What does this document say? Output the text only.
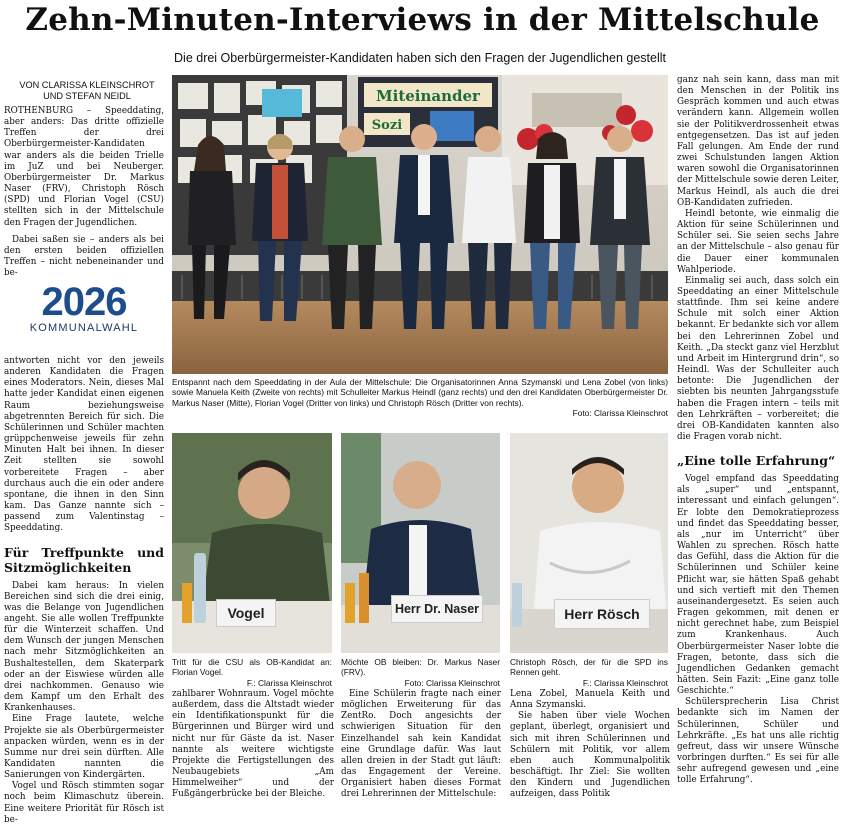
Zehn-Minuten-Interviews in der Mittelschule
Die drei Oberbürgermeister-Kandidaten haben sich den Fragen der Jugendlichen gestellt
VON CLARISSA KLEINSCHROT
UND STEFAN NEIDL

ROTHENBURG – Speeddating, aber anders: Das dritte offizielle Treffen der drei Oberbürgermeister-Kandidaten war anders als die beiden Trielle im JuZ und bei Neuberger. Oberbürgermeister Dr. Markus Naser (FRV), Christoph Rösch (SPD) und Florian Vogel (CSU) stellten sich in der Mittelschule den Fragen der Jugendlichen.

Dabei saßen sie – anders als bei den ersten beiden offiziellen Treffen – nicht nebeneinander und be-

2026
KOMMUNALWAHL

antworten nicht vor den jeweils anderen Kandidaten die Fragen eines Moderators. Nein, dieses Mal hatte jeder Kandidat einen eigenen Raum beziehungsweise abgetrennten Bereich für sich. Die Schülerinnen und Schüler machten grüppchenweise jeweils für zehn Minuten Halt bei ihnen. In dieser Zeit stellten sie sowohl vorbereitete Fragen – aber durchaus auch die ein oder andere spontane, die ihnen in den Sinn kam. Das Ganze nannte sich – passend zum Valentinstag – Speeddating.

Für Treffpunkte und Sitzmöglichkeiten

Dabei kam heraus: In vielen Bereichen sind sich die drei einig, was die Belange von Jugendlichen angeht. Sie alle wollen Treffpunkte für die Winterzeit schaffen. Und dem Wunsch der jungen Menschen nach mehr Sitzmöglichkeiten an Bushaltestellen, dem Skaterpark oder an der Eiswiese würden alle drei nachkommen. Genauso wie dem Kampf um den Erhalt des Krankenhauses.

Eine Frage lautete, welche Projekte sie als Oberbürgermeister anpacken würden, wenn es in der Summe nur drei sein dürften. Alle Kandidaten nannten die Sanierungen von Kindergärten.

Vogel und Rösch stimmten sogar noch beim Klimaschutz überein. Eine weitere Priorität für Rösch ist be-

Miteinander
Sozi
Entspannt nach dem Speeddating in der Aula der Mittelschule: Die Organisatorinnen Anna Szymanski und Lena Zobel (von links) sowie Manuela Keith (Zweite von rechts) mit Schulleiter Markus Heindl (ganz rechts) und den drei Kandidaten Oberbürgermeister Dr. Markus Naser (Mitte), Florian Vogel (Dritter von links) und Christoph Rösch (Dritter von rechts).
Foto: Clarissa Kleinschrot
Vogel
Tritt für die CSU als OB-Kandidat an: Florian Vogel.
F.: Clarissa Kleinschrot
Herr Dr. Naser
Möchte OB bleiben: Dr. Markus Naser (FRV).
Foto: Clarissa Kleinschrot
Herr Rösch
Christoph Rösch, der für die SPD ins Rennen geht.
F.: Clarissa Kleinschrot

zahlbarer Wohnraum. Vogel möchte außerdem, dass die Altstadt wieder ein Identifikationspunkt für die Bürgerinnen und Bürger wird und nicht nur für Gäste da ist. Naser nannte als weitere wichtigste Projekte die Fertigstellungen des Neubaugebiets „Am Himmelweiher“ und der Fußgängerbrücke bei der Bleiche.

Eine Schülerin fragte nach einer möglichen Erweiterung für das ZentRo. Doch angesichts der schwierigen Situation für den Einzelhandel sah kein Kandidat eine Grundlage dafür. Was laut allen dreien in der Stadt gut läuft: das Engagement der Vereine. Organisiert haben dieses Format drei Lehrerinnen der Mittelschule:

Lena Zobel, Manuela Keith und Anna Szymanski.

Sie haben über viele Wochen geplant, überlegt, organisiert und sich mit ihren Schülerinnen und Schülern mit Politik, vor allem eben auch Kommunalpolitik beschäftigt. Ihr Ziel: Sie wollten den Kindern und Jugendlichen aufzeigen, dass Politik

ganz nah sein kann, dass man mit den Menschen in der Politik ins Gespräch kommen und auch etwas verändern kann. Allgemein wollen sie der Politikverdrossenheit etwas entgegensetzen. Das ist auf jeden Fall gelungen. Am Ende der rund zwei Schulstunden langen Aktion waren sowohl die Organisatorinnen der Mittelschule sowie deren Leiter, Markus Heindl, als auch die drei OB-Kandidaten zufrieden.

Heindl betonte, wie einmalig die Aktion für seine Schülerinnen und Schüler sei. Sie seien sechs Jahre an der Mittelschule – also genau für die Dauer einer kommunalen Wahlperiode.

Einmalig sei auch, dass solch ein Speeddating an einer Mittelschule stattfinde. Ihm sei keine andere Schule mit solch einer Aktion bekannt. Er bedankte sich vor allem bei den Lehrerinnen Zobel und Keith. „Da steckt ganz viel Herzblut und Arbeit im Hintergrund drin“, so Heindl. Was der Schulleiter auch betonte: Die Jugendlichen der siebten bis neunten Jahrgangsstufe haben die Fragen intern – teils mit den Lehrkräften – vorbereitet; die drei OB-Kandidaten kannten also die Fragen vorab nicht.

„Eine tolle Erfahrung“

Vogel empfand das Speeddating als „super“ und „entspannt, interessant und einfach gelungen“. Er lobte den Demokratieprozess und findet das Speeddating besser, als „nur im Unterricht“ über Wahlen zu sprechen. Rösch hatte das Gefühl, dass die Aktion für die Schülerinnen und Schüler keine Pflicht war, sie hätten Spaß gehabt und sich vertieft mit den Themen auseinandergesetzt. Es seien auch Fragen gekommen, mit denen er nicht gerechnet habe, zum Beispiel zum Krankenhaus. Auch Oberbürgermeister Naser lobte die Fragen, betonte, dass sich die Jugendlichen Gedanken gemacht hätten. Sein Fazit: „Eine ganz tolle Geschichte.“

Schülersprecherin Lisa Christ bedankte sich im Namen der Schülerinnen, Schüler und Lehrkräfte. „Es hat uns alle richtig gefreut, dass wir unsere Wünsche vorbringen durften.“ Es sei für alle sehr aufregend gewesen und „eine tolle Erfahrung“.
